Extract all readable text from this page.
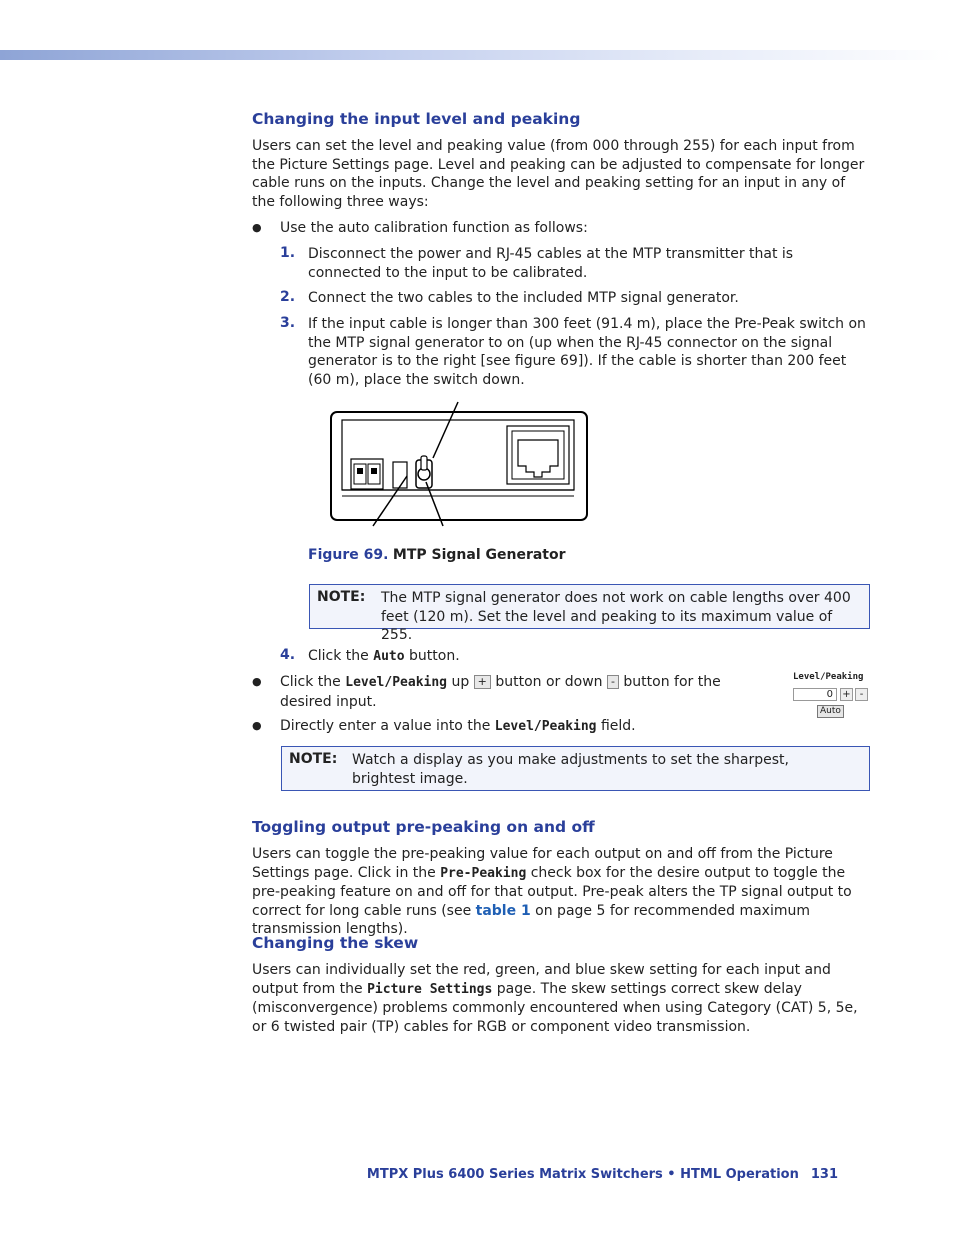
Changing the input level and peaking

Users can set the level and peaking value (from 000 through 255) for each input from the Picture Settings page. Level and peaking can be adjusted to compensate for longer cable runs on the inputs. Change the level and peaking setting for an input in any of the following three ways:

● Use the auto calibration function as follows:

1. Disconnect the power and RJ-45 cables at the MTP transmitter that is connected to the input to be calibrated.

2. Connect the two cables to the included MTP signal generator.

3. If the input cable is longer than 300 feet (91.4 m), place the Pre-Peak switch on the MTP signal generator to on (up when the RJ-45 connector on the signal generator is to the right [see figure 69]). If the cable is shorter than 200 feet (60 m), place the switch down.

Figure 69. MTP Signal Generator
NOTE: The MTP signal generator does not work on cable lengths over 400 feet (120 m). Set the level and peaking to its maximum value of 255.
4. Click the Auto button.

● Click the Level/Peaking up + button or down - button for the desired input.

Level/Peaking
0 + -
Auto
● Directly enter a value into the Level/Peaking field.

NOTE: Watch a display as you make adjustments to set the sharpest, brightest image.
Toggling output pre-peaking on and off

Users can toggle the pre-peaking value for each output on and off from the Picture Settings page. Click in the Pre-Peaking check box for the desire output to toggle the pre-peaking feature on and off for that output. Pre-peak alters the TP signal output to correct for long cable runs (see table 1 on page 5 for recommended maximum transmission lengths).

Changing the skew

Users can individually set the red, green, and blue skew setting for each input and output from the Picture Settings page. The skew settings correct skew delay (misconvergence) problems commonly encountered when using Category (CAT) 5, 5e, or 6 twisted pair (TP) cables for RGB or component video transmission.

MTPX Plus 6400 Series Matrix Switchers • HTML Operation 131
